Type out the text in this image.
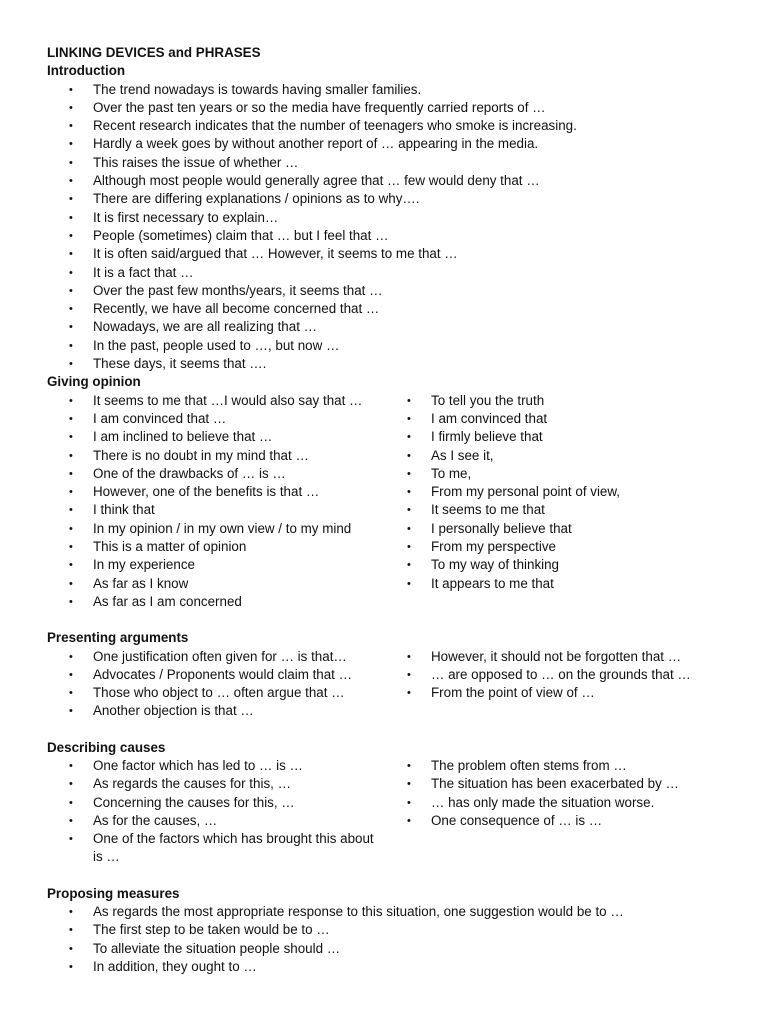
LINKING DEVICES and PHRASES
Introduction
• The trend nowadays is towards having smaller families.
• Over the past ten years or so the media have frequently carried reports of …
• Recent research indicates that the number of teenagers who smoke is increasing.
• Hardly a week goes by without another report of … appearing in the media.
• This raises the issue of whether …
• Although most people would generally agree that … few would deny that …
• There are differing explanations / opinions as to why….
• It is first necessary to explain…
• People (sometimes) claim that … but I feel that …
• It is often said/argued that … However, it seems to me that …
• It is a fact that …
• Over the past few months/years, it seems that …
• Recently, we have all become concerned that …
• Nowadays, we are all realizing that …
• In the past, people used to …, but now …
• These days, it seems that ….
Giving opinion
• It seems to me that …I would also say that …
• I am convinced that …
• I am inclined to believe that …
• There is no doubt in my mind that …
• One of the drawbacks of … is …
• However, one of the benefits is that …
• I think that
• In my opinion / in my own view / to my mind
• This is a matter of opinion
• In my experience
• As far as I know
• As far as I am concerned
• To tell you the truth
• I am convinced that
• I firmly believe that
• As I see it,
• To me,
• From my personal point of view,
• It seems to me that
• I personally believe that
• From my perspective
• To my way of thinking
• It appears to me that
Presenting arguments
• One justification often given for … is that…
• Advocates / Proponents would claim that …
• Those who object to … often argue that …
• Another objection is that …
• However, it should not be forgotten that …
• … are opposed to … on the grounds that …
• From the point of view of …
Describing causes
• One factor which has led to … is …
• As regards the causes for this, …
• Concerning the causes for this, …
• As for the causes, …
• One of the factors which has brought this about is …
• The problem often stems from …
• The situation has been exacerbated by …
• … has only made the situation worse.
• One consequence of … is …
Proposing measures
• As regards the most appropriate response to this situation, one suggestion would be to …
• The first step to be taken would be to …
• To alleviate the situation people should …
• In addition, they ought to …
